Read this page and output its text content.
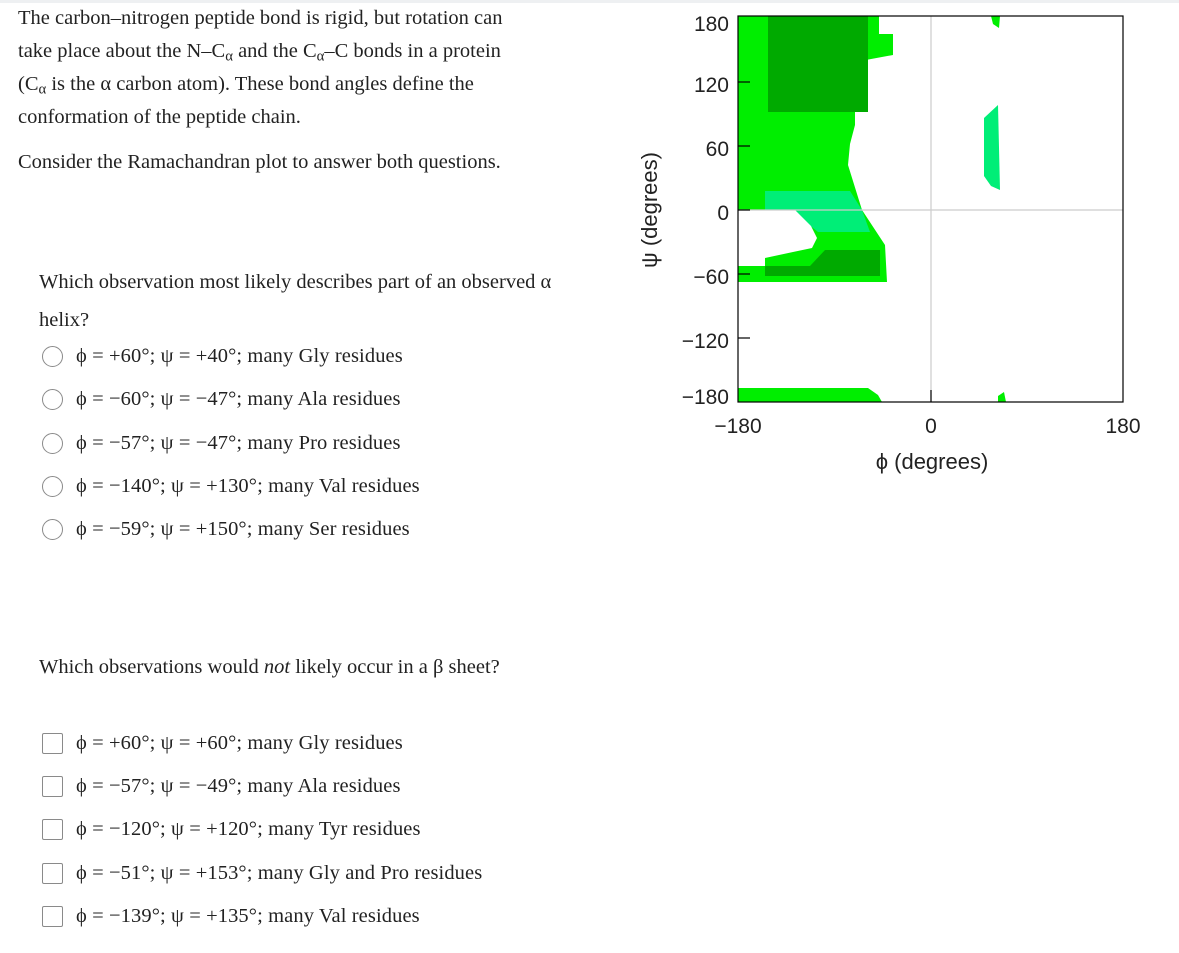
The carbon–nitrogen peptide bond is rigid, but rotation can

take place about the $N-C_\alpha$ and the $C_\alpha-C$ bonds in a protein

($C_\alpha$ is the α carbon atom). These bond angles define the

conformation of the peptide chain.

Consider the Ramachandran plot to answer both questions.

Which observation most likely describes part of an observed α helix?
ϕ = +60°; ψ = +40°; many Gly residues
ϕ = −60°; ψ = −47°; many Ala residues
ϕ = −57°; ψ = −47°; many Pro residues
ϕ = −140°; ψ = +130°; many Val residues
ϕ = −59°; ψ = +150°; many Ser residues
Which observations would not likely occur in a β sheet?
ϕ = +60°; ψ = +60°; many Gly residues
ϕ = −57°; ψ = −49°; many Ala residues
ϕ = −120°; ψ = +120°; many Tyr residues
ϕ = −51°; ψ = +153°; many Gly and Pro residues
ϕ = −139°; ψ = +135°; many Val residues
180
120
60
0
−60
−120
−180
−180	0	180
ϕ (degrees)
ψ (degrees)
